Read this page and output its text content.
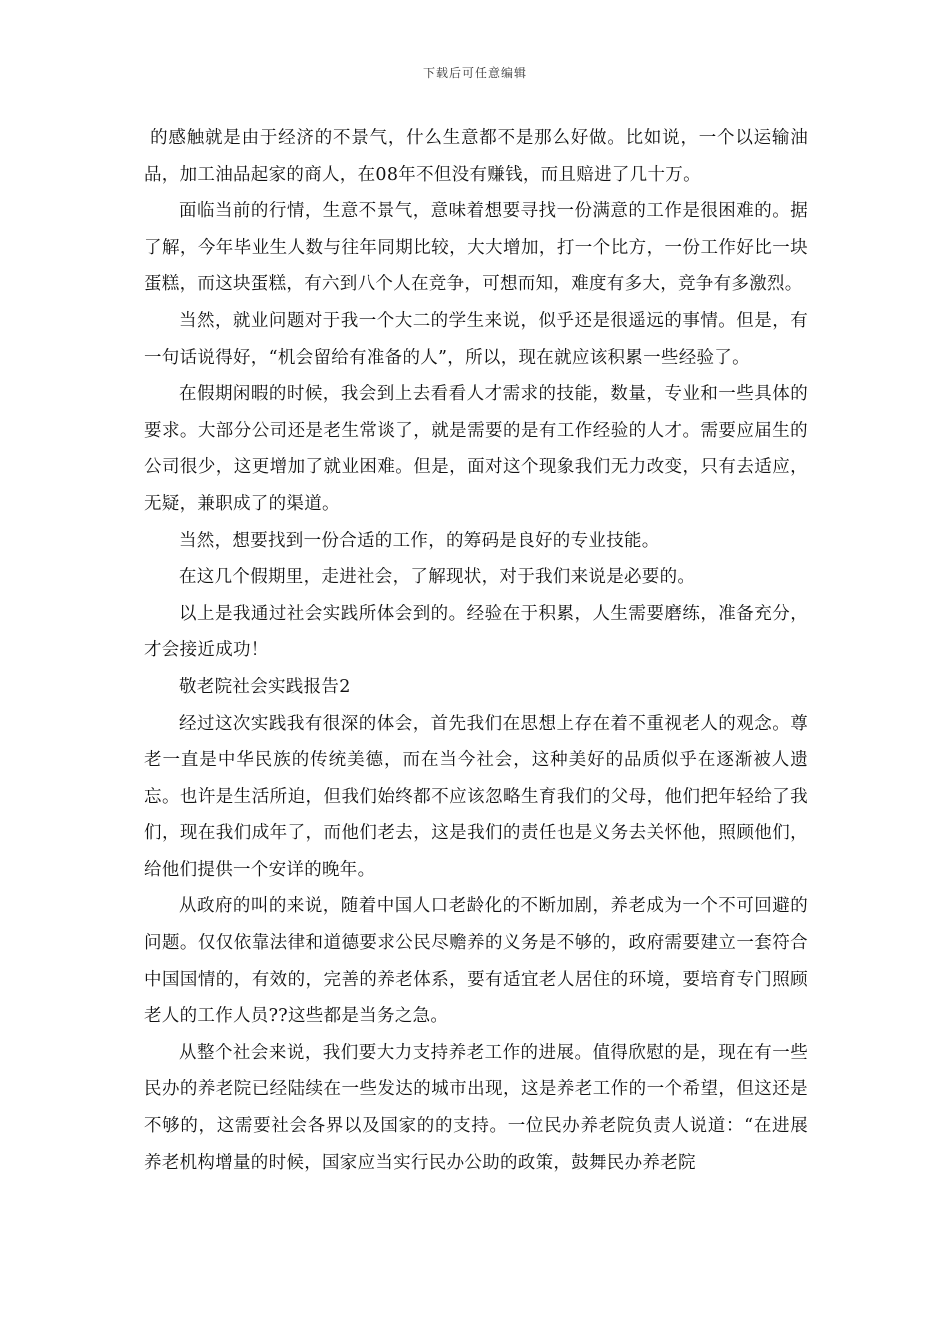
下载后可任意编辑

的感触就是由于经济的不景气，什么生意都不是那么好做。比如说，一个以运输油品，加工油品起家的商人，在08年不但没有赚钱，而且赔进了几十万。

面临当前的行情，生意不景气，意味着想要寻找一份满意的工作是很困难的。据了解，今年毕业生人数与往年同期比较，大大增加，打一个比方，一份工作好比一块蛋糕，而这块蛋糕，有六到八个人在竞争，可想而知，难度有多大，竞争有多激烈。

当然，就业问题对于我一个大二的学生来说，似乎还是很遥远的事情。但是，有一句话说得好，“机会留给有准备的人”，所以，现在就应该积累一些经验了。

在假期闲暇的时候，我会到上去看看人才需求的技能，数量，专业和一些具体的要求。大部分公司还是老生常谈了，就是需要的是有工作经验的人才。需要应届生的公司很少，这更增加了就业困难。但是，面对这个现象我们无力改变，只有去适应，无疑，兼职成了的渠道。

当然，想要找到一份合适的工作，的筹码是良好的专业技能。

在这几个假期里，走进社会，了解现状，对于我们来说是必要的。

以上是我通过社会实践所体会到的。经验在于积累，人生需要磨练，准备充分，才会接近成功！

敬老院社会实践报告2

经过这次实践我有很深的体会，首先我们在思想上存在着不重视老人的观念。尊老一直是中华民族的传统美德，而在当今社会，这种美好的品质似乎在逐渐被人遗忘。也许是生活所迫，但我们始终都不应该忽略生育我们的父母，他们把年轻给了我们，现在我们成年了，而他们老去，这是我们的责任也是义务去关怀他，照顾他们，给他们提供一个安详的晚年。

从政府的叫的来说，随着中国人口老龄化的不断加剧，养老成为一个不可回避的问题。仅仅依靠法律和道德要求公民尽赡养的义务是不够的，政府需要建立一套符合中国国情的，有效的，完善的养老体系，要有适宜老人居住的环境，要培育专门照顾老人的工作人员??这些都是当务之急。

从整个社会来说，我们要大力支持养老工作的进展。值得欣慰的是，现在有一些民办的养老院已经陆续在一些发达的城市出现，这是养老工作的一个希望，但这还是不够的，这需要社会各界以及国家的的支持。一位民办养老院负责人说道：“在进展养老机构增量的时候，国家应当实行民办公助的政策，鼓舞民办养老院
